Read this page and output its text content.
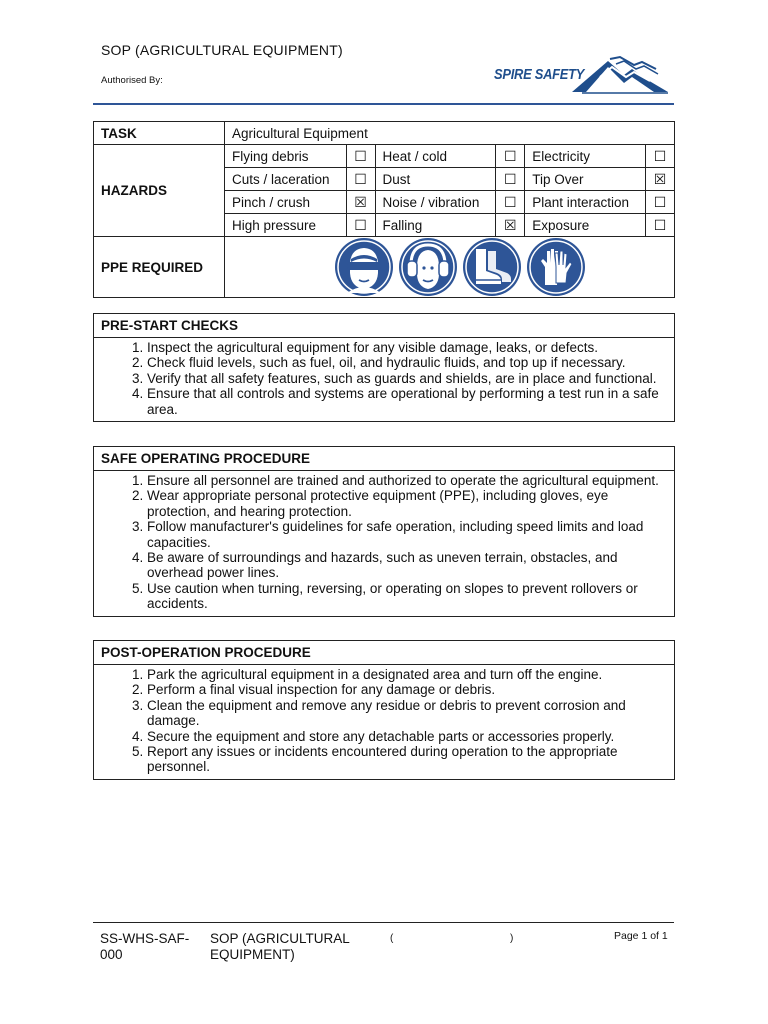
SOP (AGRICULTURAL EQUIPMENT)
Authorised By:	SPIRE SAFETY
TASK	Agricultural Equipment					
HAZARDS	Flying debris	☐	Heat / cold	☐	Electricity	☐
	Cuts / laceration	☐	Dust	☐	Tip Over	☒
	Pinch / crush	☒	Noise / vibration	☐	Plant interaction	☐
	High pressure	☐	Falling	☒	Exposure	☐
PPE REQUIRED	
PRE-START CHECKS
1. Inspect the agricultural equipment for any visible damage, leaks, or defects.
2. Check fluid levels, such as fuel, oil, and hydraulic fluids, and top up if necessary.
3. Verify that all safety features, such as guards and shields, are in place and functional.
4. Ensure that all controls and systems are operational by performing a test run in a safe area.
SAFE OPERATING PROCEDURE
1. Ensure all personnel are trained and authorized to operate the agricultural equipment.
2. Wear appropriate personal protective equipment (PPE), including gloves, eye protection, and hearing protection.
3. Follow manufacturer's guidelines for safe operation, including speed limits and load capacities.
4. Be aware of surroundings and hazards, such as uneven terrain, obstacles, and overhead power lines.
5. Use caution when turning, reversing, or operating on slopes to prevent rollovers or accidents.
POST-OPERATION PROCEDURE
1. Park the agricultural equipment in a designated area and turn off the engine.
2. Perform a final visual inspection for any damage or debris.
3. Clean the equipment and remove any residue or debris to prevent corrosion and damage.
4. Secure the equipment and store any detachable parts or accessories properly.
5. Report any issues or incidents encountered during operation to the appropriate personnel.
SS-WHS-SAF-000
SOP (AGRICULTURAL EQUIPMENT)
(	)	Page 1 of 1
